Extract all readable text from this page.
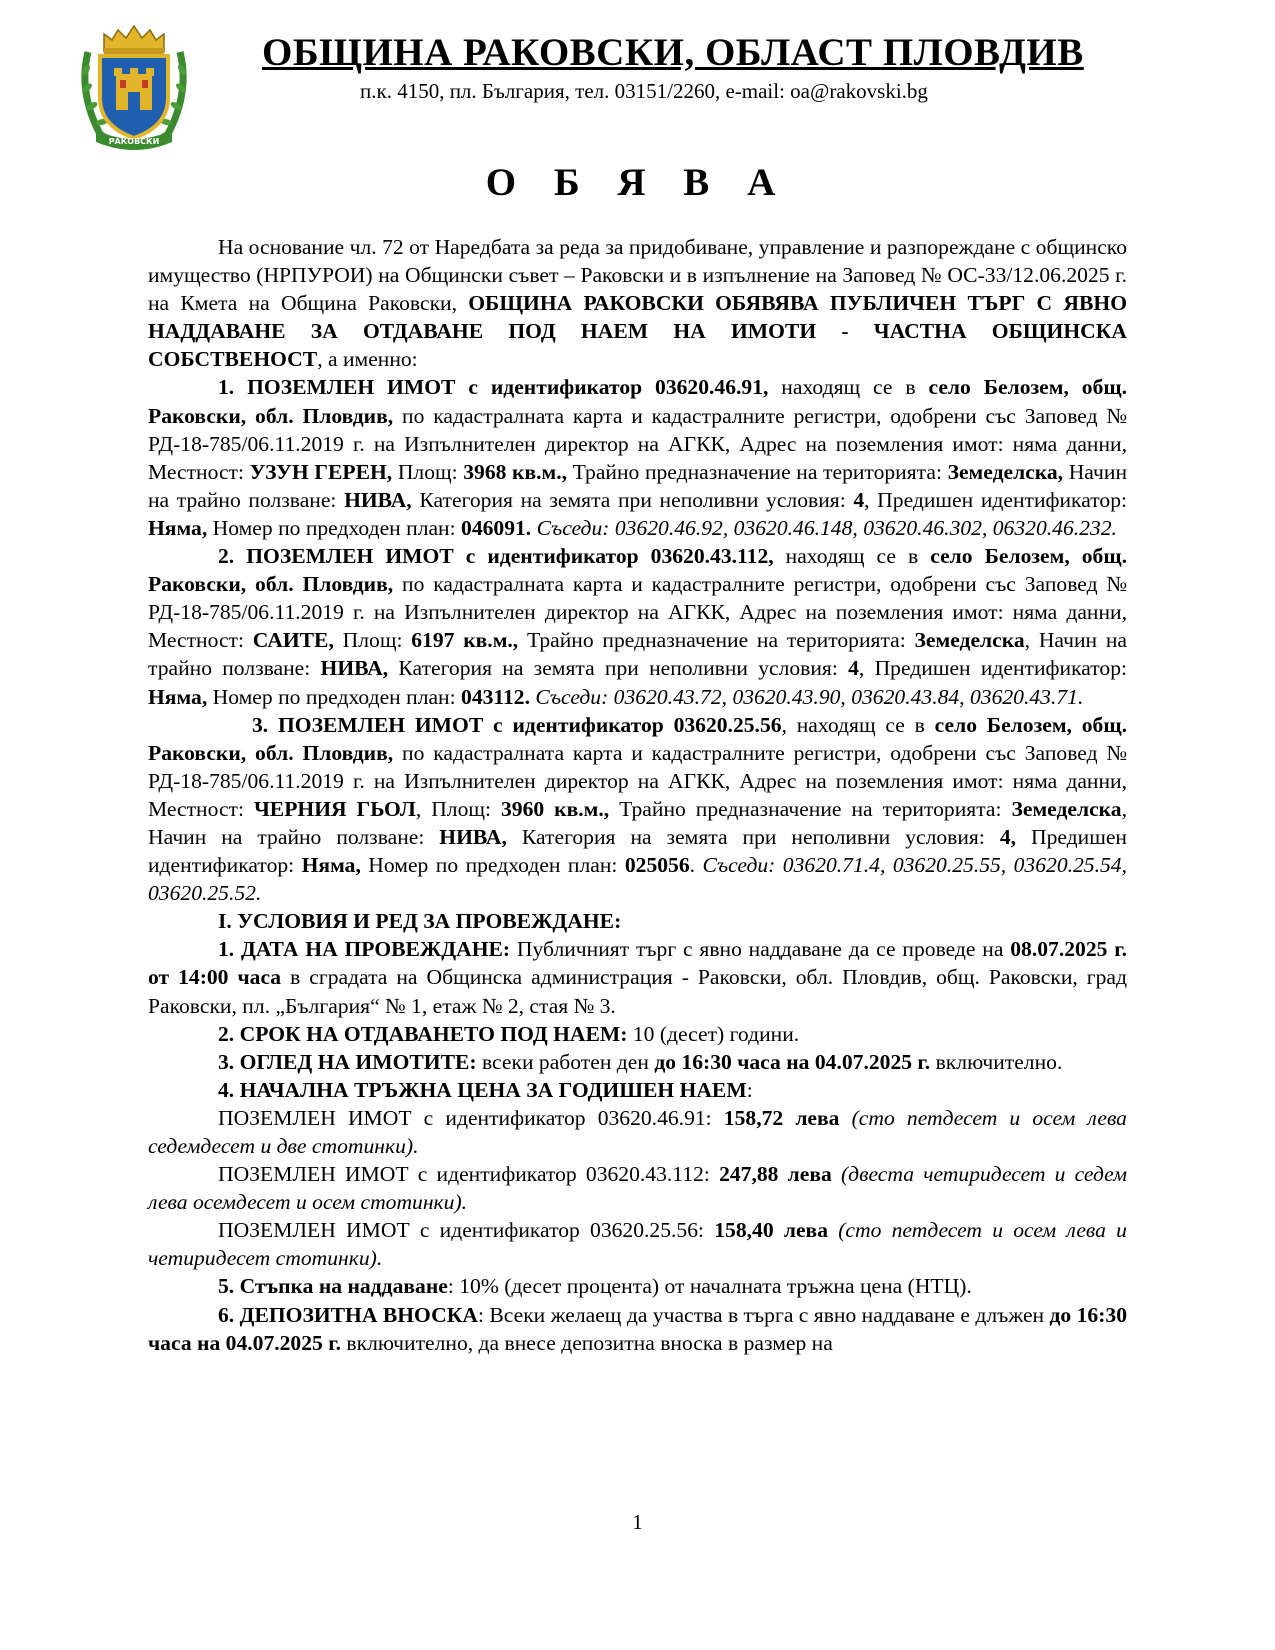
РАКОВСКИ
ОБЩИНА РАКОВСКИ, ОБЛАСТ ПЛОВДИВ
п.к. 4150, пл. България, тел. 03151/2260, e-mail: oa@rakovski.bg
О Б Я В А

На основание чл. 72 от Наредбата за реда за придобиване, управление и разпореждане с общинско имущество (НРПУРОИ) на Общински съвет – Раковски и в изпълнение на Заповед № ОС-33/12.06.2025 г. на Кмета на Община Раковски, ОБЩИНА РАКОВСКИ ОБЯВЯВА ПУБЛИЧЕН ТЪРГ С ЯВНО НАДДАВАНЕ ЗА ОТДАВАНЕ ПОД НАЕМ НА ИМОТИ - ЧАСТНА ОБЩИНСКА СОБСТВЕНОСТ, а именно:

1. ПОЗЕМЛЕН ИМОТ с идентификатор 03620.46.91, находящ се в село Белозем, общ. Раковски, обл. Пловдив, по кадастралната карта и кадастралните регистри, одобрени със Заповед № РД-18-785/06.11.2019 г. на Изпълнителен директор на АГКК, Адрес на поземления имот: няма данни, Местност: УЗУН ГЕРЕН, Площ: 3968 кв.м., Трайно предназначение на територията: Земеделска, Начин на трайно ползване: НИВА, Категория на земята при неполивни условия: 4, Предишен идентификатор: Няма, Номер по предходен план: 046091. Съседи: 03620.46.92, 03620.46.148, 03620.46.302, 06320.46.232.

2. ПОЗЕМЛЕН ИМОТ с идентификатор 03620.43.112, находящ се в село Белозем, общ. Раковски, обл. Пловдив, по кадастралната карта и кадастралните регистри, одобрени със Заповед № РД-18-785/06.11.2019 г. на Изпълнителен директор на АГКК, Адрес на поземления имот: няма данни, Местност: САИТЕ, Площ: 6197 кв.м., Трайно предназначение на територията: Земеделска, Начин на трайно ползване: НИВА, Категория на земята при неполивни условия: 4, Предишен идентификатор: Няма, Номер по предходен план: 043112. Съседи: 03620.43.72, 03620.43.90, 03620.43.84, 03620.43.71.

3. ПОЗЕМЛЕН ИМОТ с идентификатор 03620.25.56, находящ се в село Белозем, общ. Раковски, обл. Пловдив, по кадастралната карта и кадастралните регистри, одобрени със Заповед № РД-18-785/06.11.2019 г. на Изпълнителен директор на АГКК, Адрес на поземления имот: няма данни, Местност: ЧЕРНИЯ ГЬОЛ, Площ: 3960 кв.м., Трайно предназначение на територията: Земеделска, Начин на трайно ползване: НИВА, Категория на земята при неполивни условия: 4, Предишен идентификатор: Няма, Номер по предходен план: 025056. Съседи: 03620.71.4, 03620.25.55, 03620.25.54, 03620.25.52.

I. УСЛОВИЯ И РЕД ЗА ПРОВЕЖДАНЕ:

1. ДАТА НА ПРОВЕЖДАНЕ: Публичният търг с явно наддаване да се проведе на 08.07.2025 г. от 14:00 часа в сградата на Общинска администрация - Раковски, обл. Пловдив, общ. Раковски, град Раковски, пл. „България“ № 1, етаж № 2, стая № 3.

2. СРОК НА ОТДАВАНЕТО ПОД НАЕМ: 10 (десет) години.

3. ОГЛЕД НА ИМОТИТЕ: всеки работен ден до 16:30 часа на 04.07.2025 г. включително.

4. НАЧАЛНА ТРЪЖНА ЦЕНА ЗА ГОДИШЕН НАЕМ:

ПОЗЕМЛЕН ИМОТ с идентификатор 03620.46.91: 158,72 лева (сто петдесет и осем лева седемдесет и две стотинки).

ПОЗЕМЛЕН ИМОТ с идентификатор 03620.43.112: 247,88 лева (двеста четиридесет и седем лева осемдесет и осем стотинки).

ПОЗЕМЛЕН ИМОТ с идентификатор 03620.25.56: 158,40 лева (сто петдесет и осем лева и четиридесет стотинки).

5. Стъпка на наддаване: 10% (десет процента) от началната тръжна цена (НТЦ).

6. ДЕПОЗИТНА ВНОСКА: Всеки желаещ да участва в търга с явно наддаване е длъжен до 16:30 часа на 04.07.2025 г. включително, да внесе депозитна вноска в размер на

1
